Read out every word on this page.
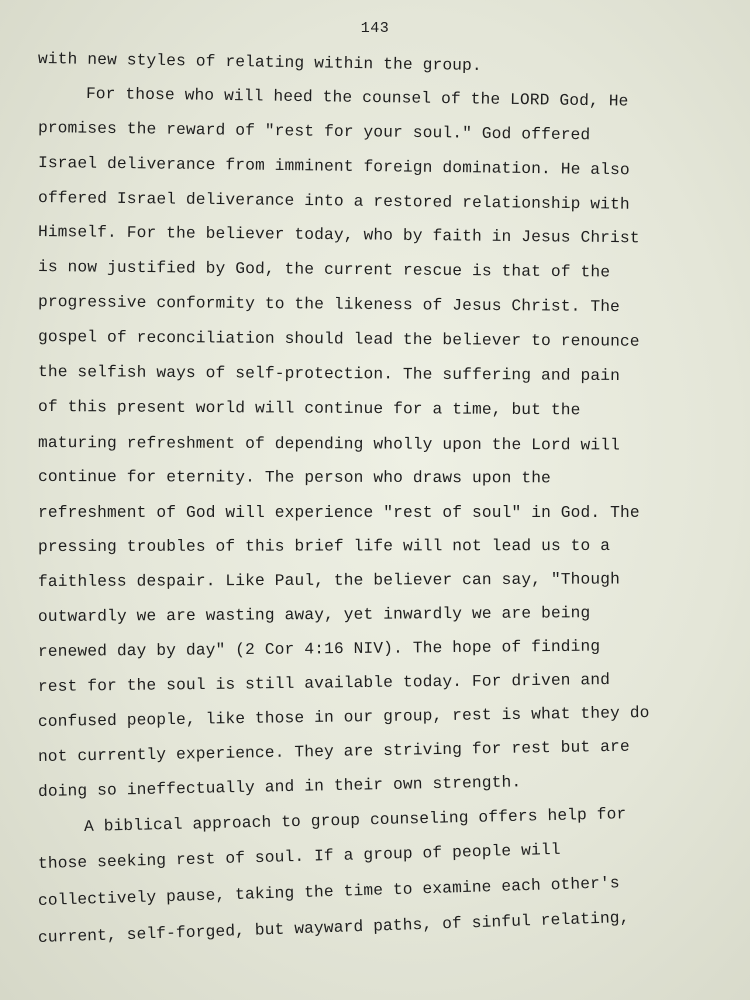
143
with new styles of relating within the group.
For those who will heed the counsel of the LORD God, He
promises the reward of "rest for your soul." God offered
Israel deliverance from imminent foreign domination. He also
offered Israel deliverance into a restored relationship with
Himself. For the believer today, who by faith in Jesus Christ
is now justified by God, the current rescue is that of the
progressive conformity to the likeness of Jesus Christ. The
gospel of reconciliation should lead the believer to renounce
the selfish ways of self-protection. The suffering and pain
of this present world will continue for a time, but the
maturing refreshment of depending wholly upon the Lord will
continue for eternity. The person who draws upon the
refreshment of God will experience "rest of soul" in God. The
pressing troubles of this brief life will not lead us to a
faithless despair. Like Paul, the believer can say, "Though
outwardly we are wasting away, yet inwardly we are being
renewed day by day" (2 Cor 4:16 NIV). The hope of finding
rest for the soul is still available today. For driven and
confused people, like those in our group, rest is what they do
not currently experience. They are striving for rest but are
doing so ineffectually and in their own strength.
A biblical approach to group counseling offers help for
those seeking rest of soul. If a group of people will
collectively pause, taking the time to examine each other's
current, self-forged, but wayward paths, of sinful relating,
